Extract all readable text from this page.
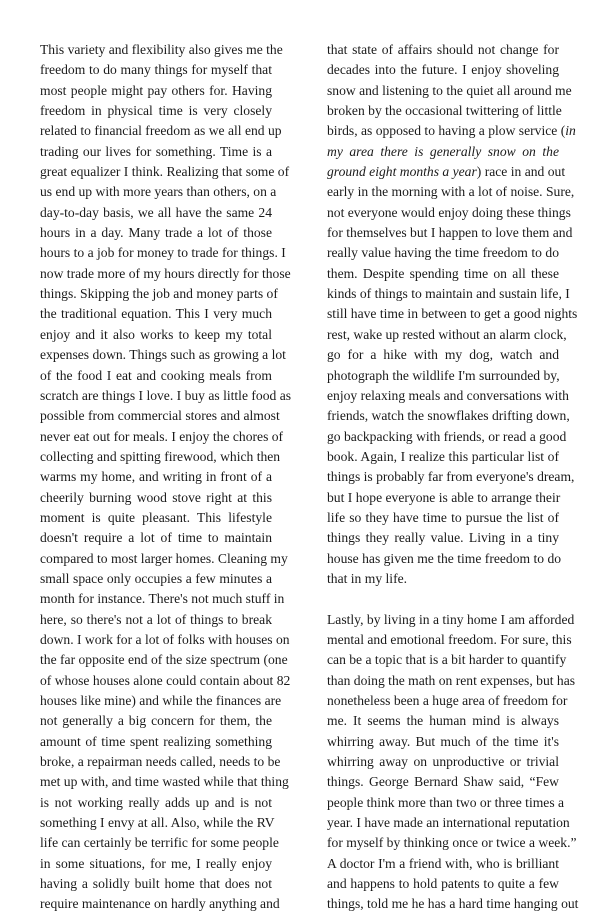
This variety and flexibility also gives me the
freedom to do many things for myself that
most people might pay others for. Having
freedom in physical time is very closely
related to financial freedom as we all end up
trading our lives for something. Time is a
great equalizer I think. Realizing that some of
us end up with more years than others, on a
day-to-day basis, we all have the same 24
hours in a day. Many trade a lot of those
hours to a job for money to trade for things. I
now trade more of my hours directly for those
things. Skipping the job and money parts of
the traditional equation. This I very much
enjoy and it also works to keep my total
expenses down. Things such as growing a lot
of the food I eat and cooking meals from
scratch are things I love. I buy as little food as
possible from commercial stores and almost
never eat out for meals. I enjoy the chores of
collecting and spitting firewood, which then
warms my home, and writing in front of a
cheerily burning wood stove right at this
moment is quite pleasant. This lifestyle
doesn't require a lot of time to maintain
compared to most larger homes. Cleaning my
small space only occupies a few minutes a
month for instance. There's not much stuff in
here, so there's not a lot of things to break
down. I work for a lot of folks with houses on
the far opposite end of the size spectrum (one
of whose houses alone could contain about 82
houses like mine) and while the finances are
not generally a big concern for them, the
amount of time spent realizing something
broke, a repairman needs called, needs to be
met up with, and time wasted while that thing
is not working really adds up and is not
something I envy at all. Also, while the RV
life can certainly be terrific for some people
in some situations, for me, I really enjoy
having a solidly built home that does not
require maintenance on hardly anything and
that state of affairs should not change for
decades into the future. I enjoy shoveling
snow and listening to the quiet all around me
broken by the occasional twittering of little
birds, as opposed to having a plow service (in
my area there is generally snow on the
ground eight months a year) race in and out
early in the morning with a lot of noise. Sure,
not everyone would enjoy doing these things
for themselves but I happen to love them and
really value having the time freedom to do
them. Despite spending time on all these
kinds of things to maintain and sustain life, I
still have time in between to get a good nights
rest, wake up rested without an alarm clock,
go for a hike with my dog, watch and
photograph the wildlife I'm surrounded by,
enjoy relaxing meals and conversations with
friends, watch the snowflakes drifting down,
go backpacking with friends, or read a good
book. Again, I realize this particular list of
things is probably far from everyone's dream,
but I hope everyone is able to arrange their
life so they have time to pursue the list of
things they really value. Living in a tiny
house has given me the time freedom to do
that in my life.
Lastly, by living in a tiny home I am afforded
mental and emotional freedom. For sure, this
can be a topic that is a bit harder to quantify
than doing the math on rent expenses, but has
nonetheless been a huge area of freedom for
me. It seems the human mind is always
whirring away. But much of the time it's
whirring away on unproductive or trivial
things. George Bernard Shaw said, “Few
people think more than two or three times a
year. I have made an international reputation
for myself by thinking once or twice a week.”
A doctor I'm a friend with, who is brilliant
and happens to hold patents to quite a few
things, told me he has a hard time hanging out
